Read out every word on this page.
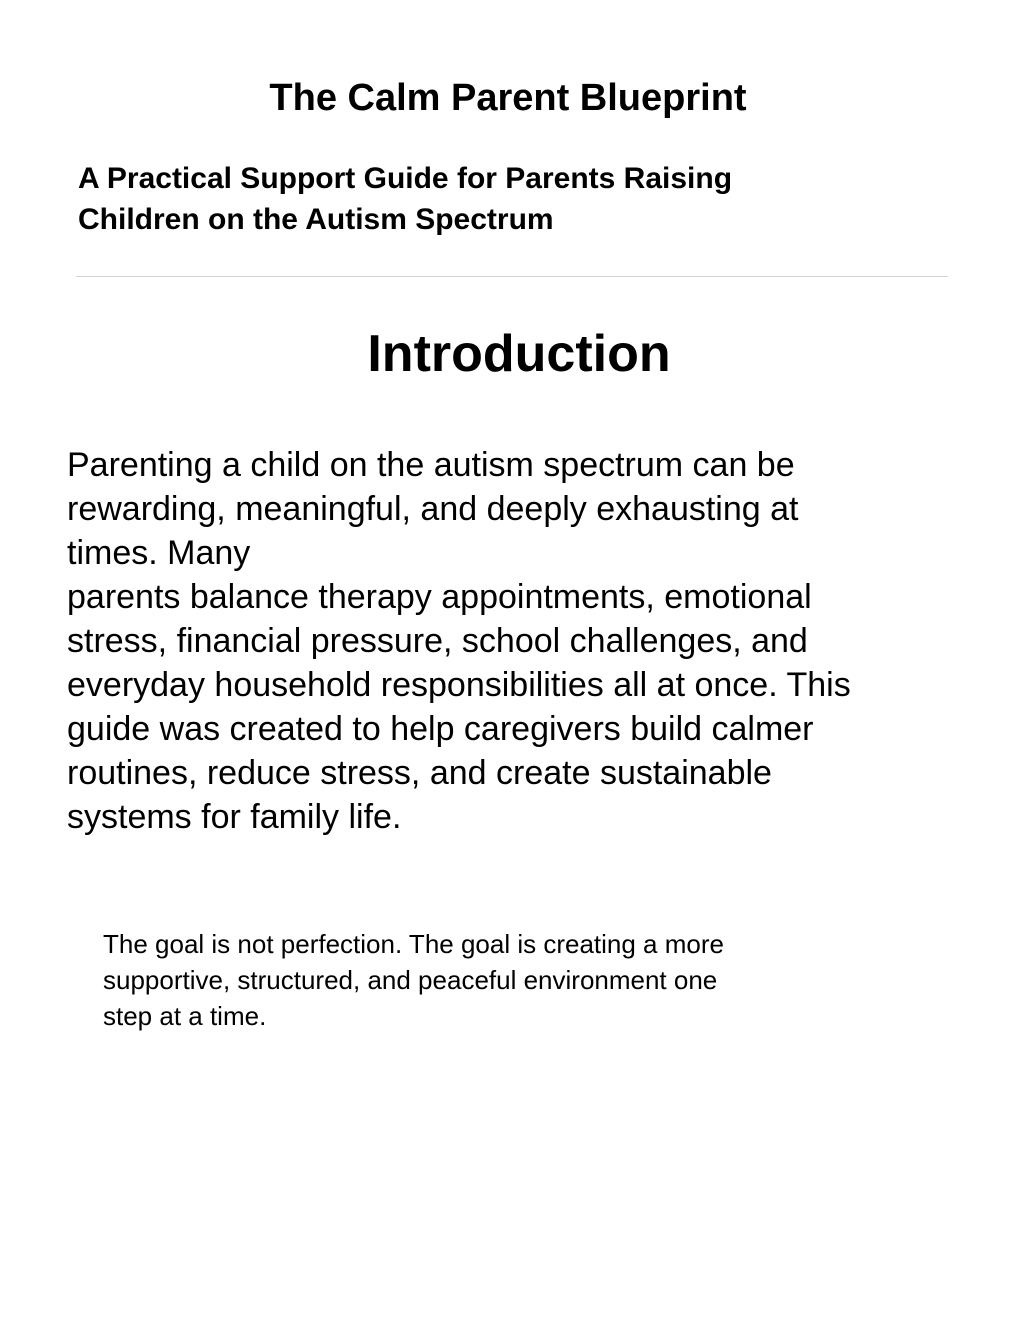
The Calm Parent Blueprint
A Practical Support Guide for Parents Raising
Children on the Autism Spectrum
Introduction

Parenting a child on the autism spectrum can be
rewarding, meaningful, and deeply exhausting at
times. Many
parents balance therapy appointments, emotional
stress, financial pressure, school challenges, and
everyday household responsibilities all at once. This
guide was created to help caregivers build calmer
routines, reduce stress, and create sustainable
systems for family life.

The goal is not perfection. The goal is creating a more
supportive, structured, and peaceful environment one
step at a time.
